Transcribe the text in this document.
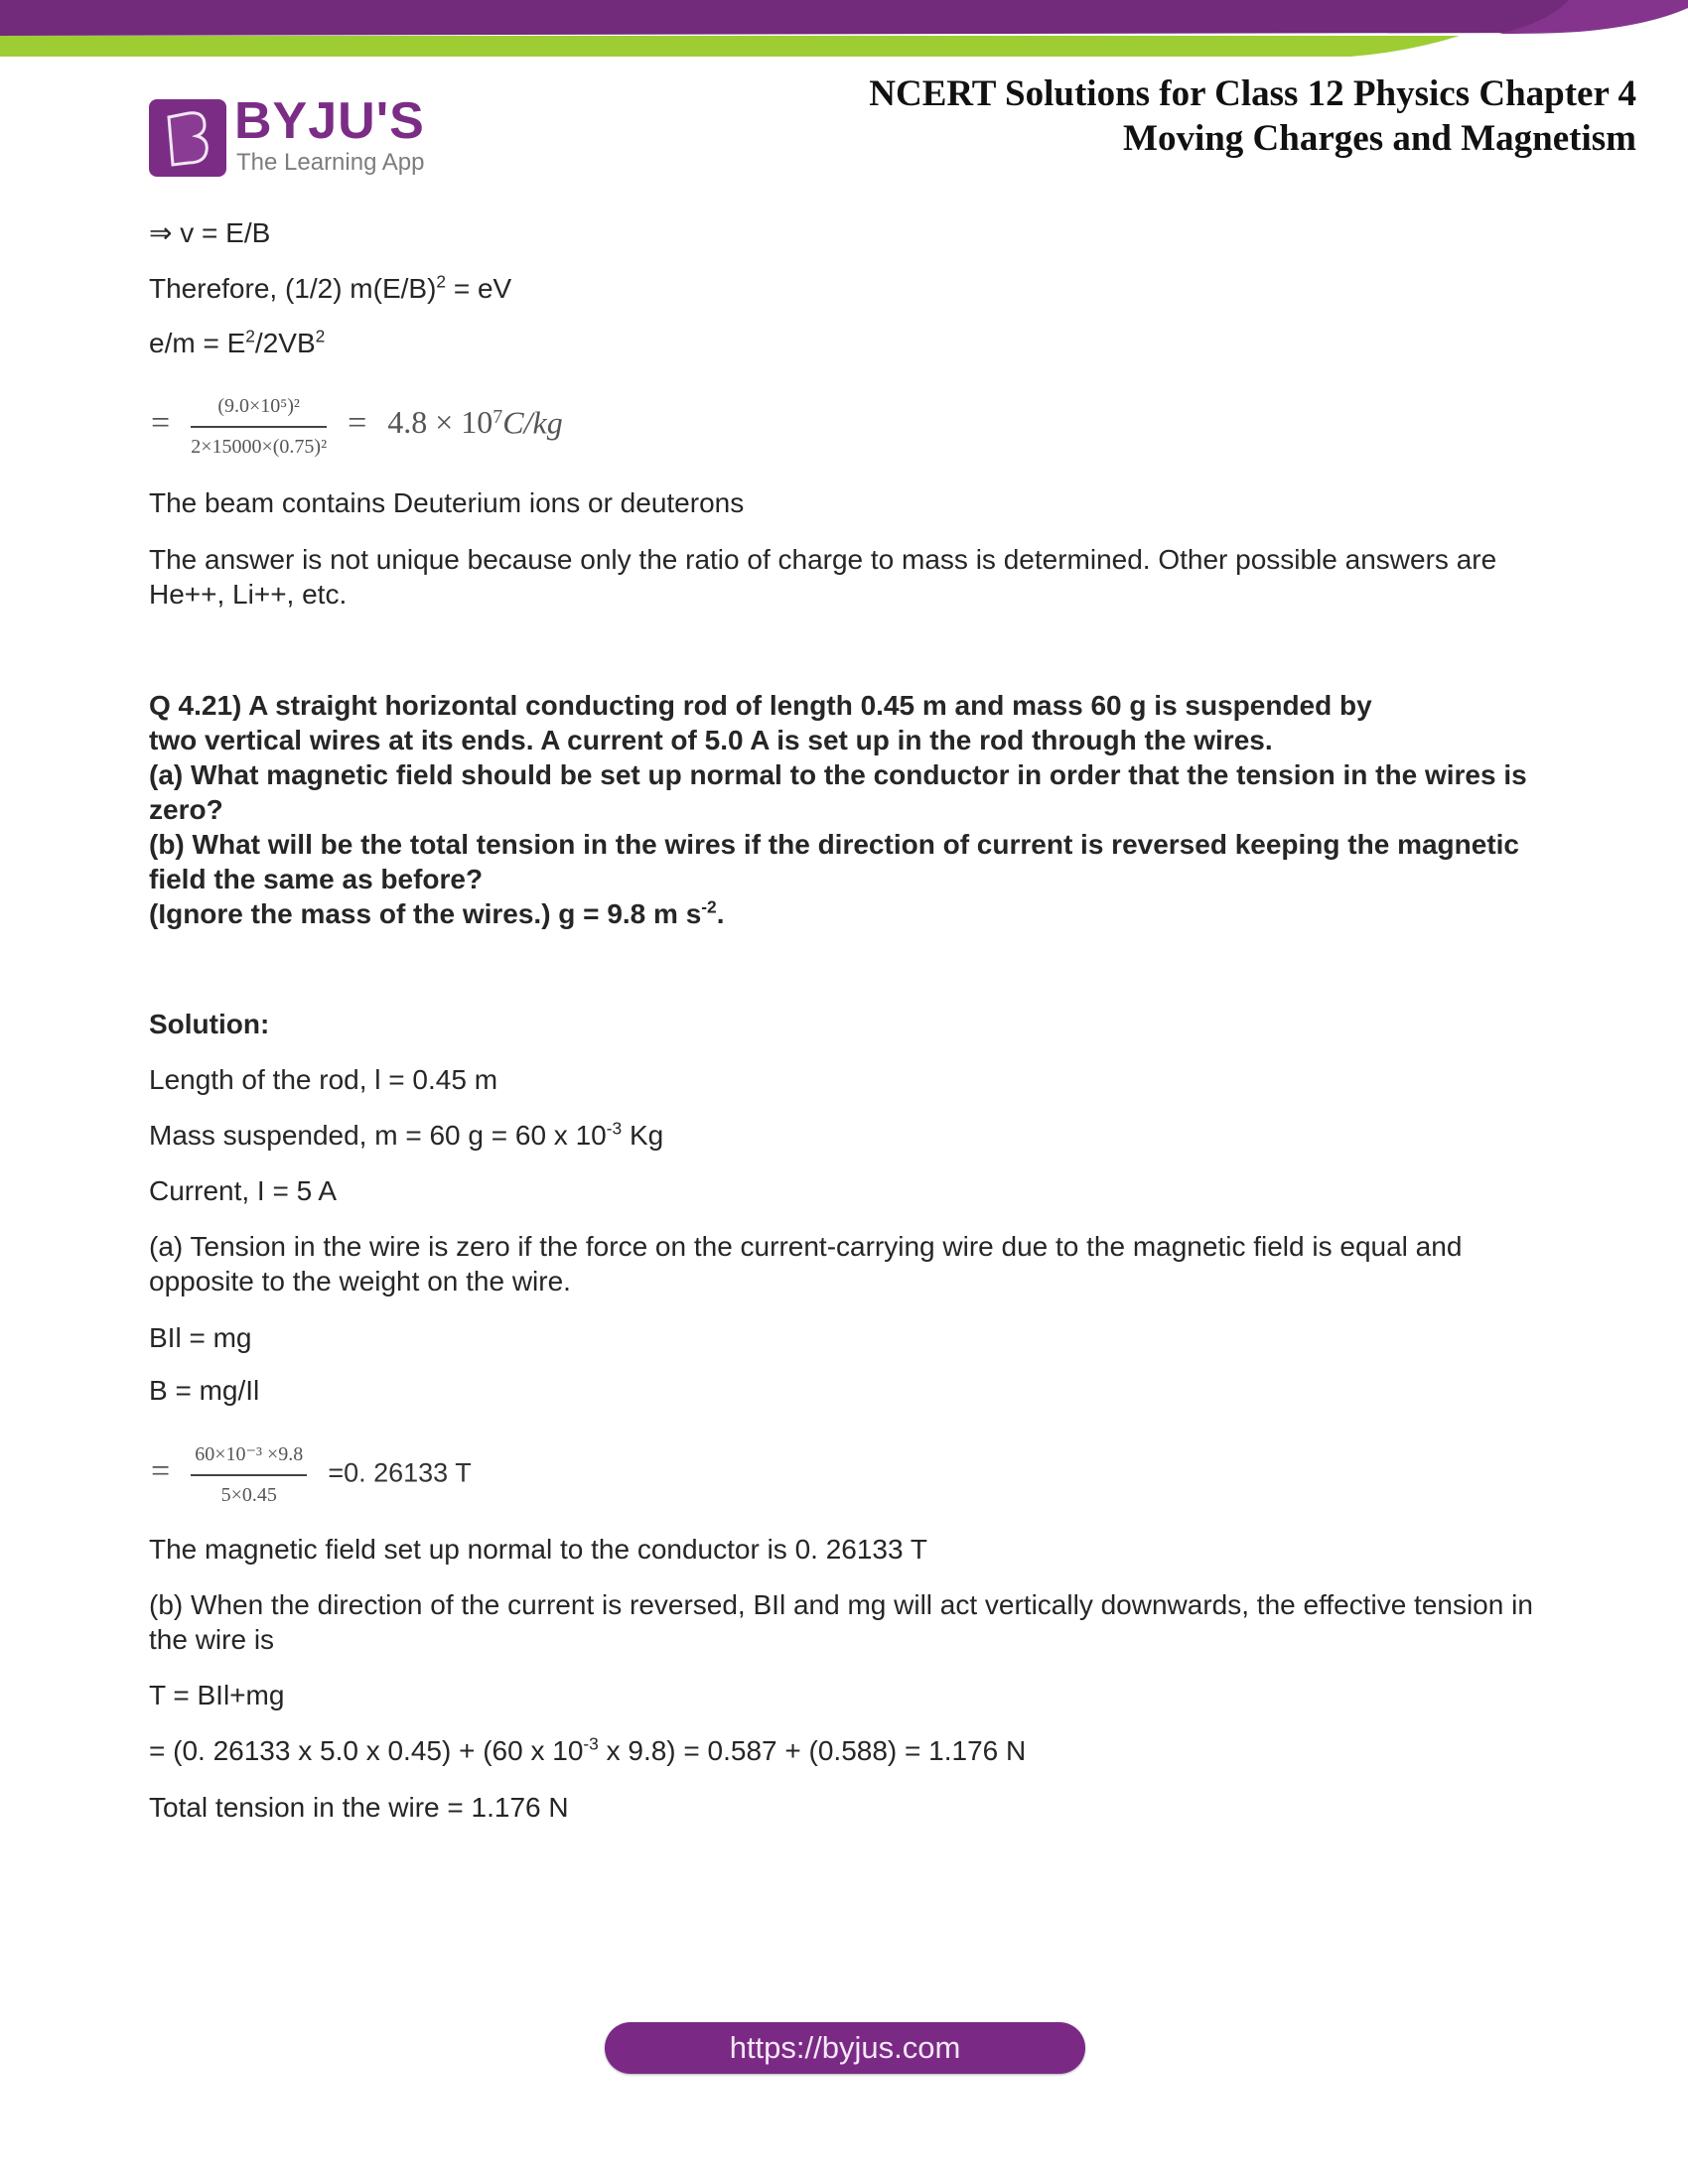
BYJU'S
The Learning App
NCERT Solutions for Class 12 Physics Chapter 4
Moving Charges and Magnetism
⇒ v = E/B
Therefore, (1/2) $m(E/B)^2$ = eV
$e/m = E^2/2VB^2$
= $\frac{\text{(9.0×10⁵)²}}{\text{2×15000×(0.75)²}} = 4.8 \times 10^7C/kg$
The beam contains Deuterium ions or deuterons
The answer is not unique because only the ratio of charge to mass is determined. Other possible answers are He++, Li++, etc.
Q 4.21) A straight horizontal conducting rod of length 0.45 m and mass 60 g is suspended by
two vertical wires at its ends. A current of 5.0 A is set up in the rod through the wires.
(a) What magnetic field should be set up normal to the conductor in order that the tension in the wires is zero?
(b) What will be the total tension in the wires if the direction of current is reversed keeping the magnetic field the same as before?
(Ignore the mass of the wires.) g = 9.8 m $s^{-2}$.
Solution:
Length of the rod, l = 0.45 m
Mass suspended, m = 60 g = 60 x $10^{-3}$ Kg
Current, I = 5 A
(a) Tension in the wire is zero if the force on the current-carrying wire due to the magnetic field is equal and opposite to the weight on the wire.
BIl = mg
B = mg/Il
= $\frac{\text{60×10⁻³ ×9.8}}{5\times 0.45} =0$. 26133 T
The magnetic field set up normal to the conductor is 0. 26133 T
(b) When the direction of the current is reversed, BIl and mg will act vertically downwards, the effective tension in the wire is
T = BIl+mg
= (0. 26133 x 5.0 x 0.45) + (60 x $10^{-3}$ x 9.8) = 0.587 + (0.588) = 1.176 N
Total tension in the wire = 1.176 N
https://byjus.com
